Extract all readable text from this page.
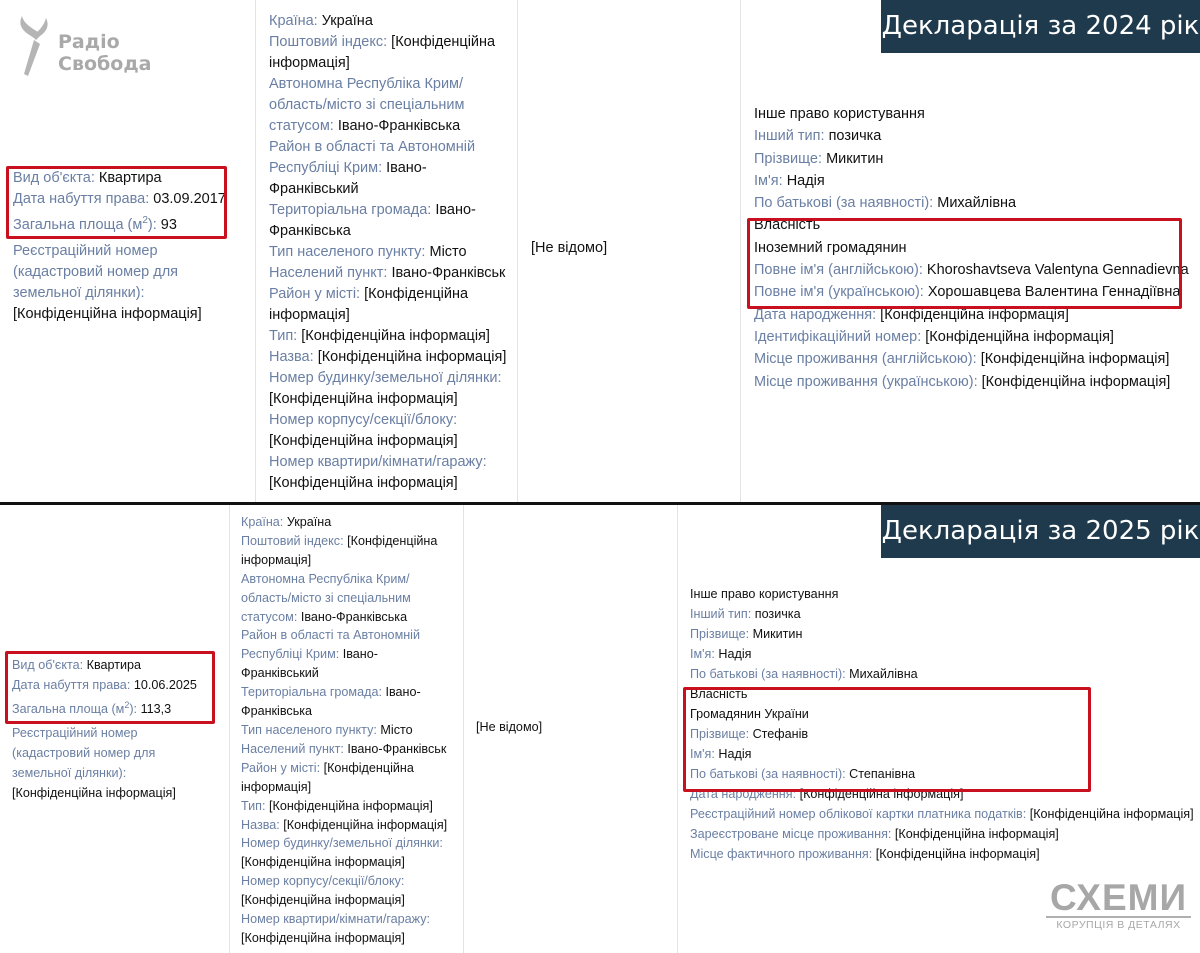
Радіо
Свобода
Вид об'єкта: Квартира
Дата набуття права: 03.09.2017
Загальна площа $(м^2)$: 93
Реєстраційний номер
(кадастровий номер для
земельної ділянки):
[Конфіденційна інформація]
Країна: Україна
Поштовий індекс: [Конфіденційна
інформація]
Автономна Республіка Крим/
область/місто зі спеціальним
статусом: Івано-Франківська
Район в області та Автономній
Республіці Крим: Івано-
Франківський
Територіальна громада: Івано-
Франківська
Тип населеного пункту: Місто
Населений пункт: Івано-Франківськ
Район у місті: [Конфіденційна
інформація]
Тип: [Конфіденційна інформація]
Назва: [Конфіденційна інформація]
Номер будинку/земельної ділянки:
[Конфіденційна інформація]
Номер корпусу/секції/блоку:
[Конфіденційна інформація]
Номер квартири/кімнати/гаражу:
[Конфіденційна інформація]
[Не відомо]
Інше право користування
Інший тип: позичка
Прізвище: Микитин
Ім'я: Надія
По батькові (за наявності): Михайлівна
Власність
Іноземний громадянин
Повне ім'я (англійською): Khoroshavtseva Valentyna Gennadievna
Повне ім'я (українською): Хорошавцева Валентина Геннадіївна
Дата народження: [Конфіденційна інформація]
Ідентифікаційний номер: [Конфіденційна інформація]
Місце проживання (англійською): [Конфіденційна інформація]
Місце проживання (українською): [Конфіденційна інформація]
Декларація за 2024 рік
Вид об'єкта: Квартира
Дата набуття права: 10.06.2025
Загальна площа $(м^2)$: 113,3
Реєстраційний номер
(кадастровий номер для
земельної ділянки):
[Конфіденційна інформація]
Країна: Україна
Поштовий індекс: [Конфіденційна
інформація]
Автономна Республіка Крим/
область/місто зі спеціальним
статусом: Івано-Франківська
Район в області та Автономній
Республіці Крим: Івано-
Франківський
Територіальна громада: Івано-
Франківська
Тип населеного пункту: Місто
Населений пункт: Івано-Франківськ
Район у місті: [Конфіденційна
інформація]
Тип: [Конфіденційна інформація]
Назва: [Конфіденційна інформація]
Номер будинку/земельної ділянки:
[Конфіденційна інформація]
Номер корпусу/секції/блоку:
[Конфіденційна інформація]
Номер квартири/кімнати/гаражу:
[Конфіденційна інформація]
[Не відомо]
Інше право користування
Інший тип: позичка
Прізвище: Микитин
Ім'я: Надія
По батькові (за наявності): Михайлівна
Власність
Громадянин України
Прізвище: Стефанів
Ім'я: Надія
По батькові (за наявності): Степанівна
Дата народження: [Конфіденційна інформація]
Реєстраційний номер облікової картки платника податків: [Конфіденційна інформація]
Зареєстроване місце проживання: [Конфіденційна інформація]
Місце фактичного проживання: [Конфіденційна інформація]
Декларація за 2025 рік
СХЕМИ
КОРУПЦІЯ В ДЕТАЛЯХ
